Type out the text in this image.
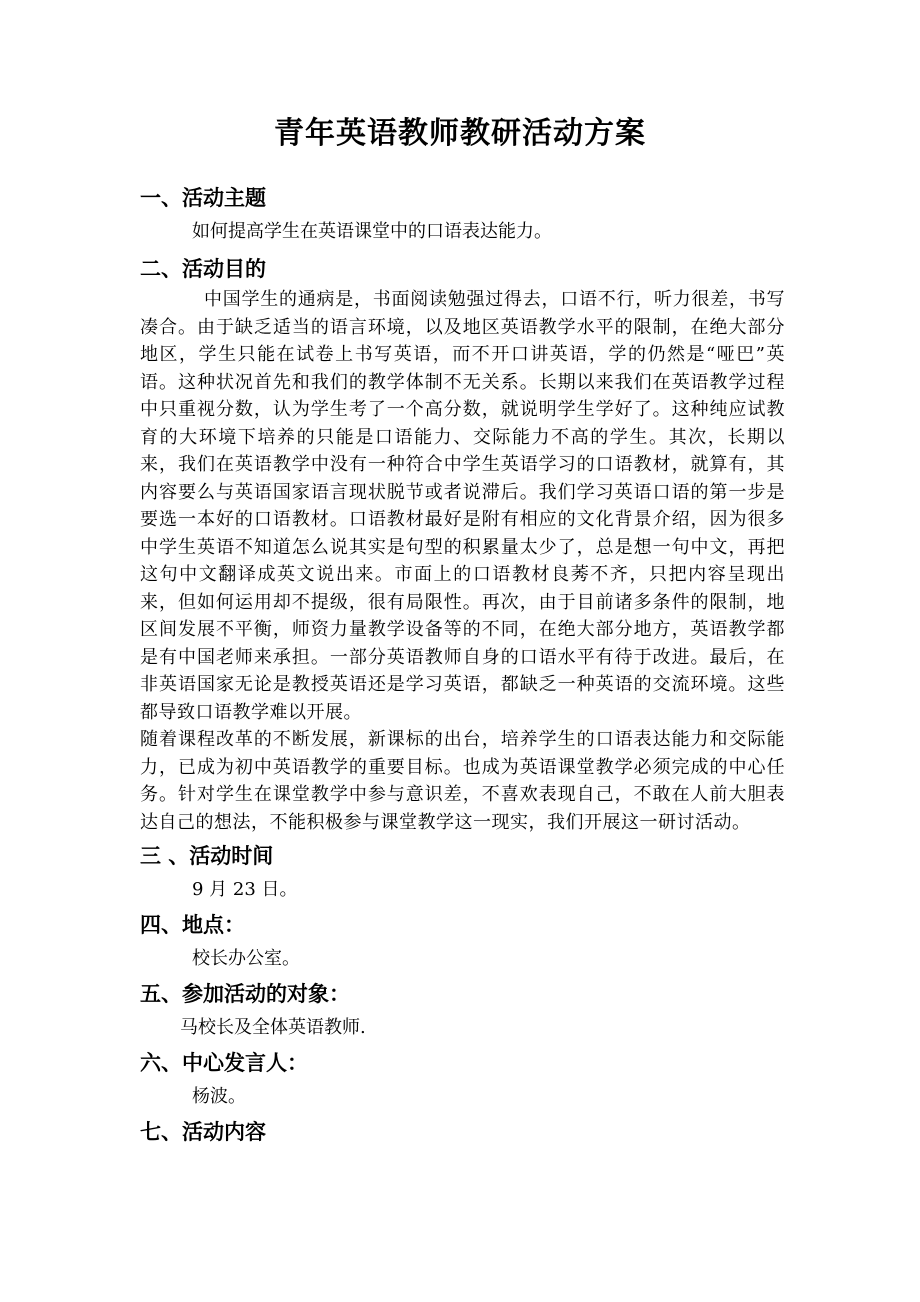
青年英语教师教研活动方案
一、活动主题
如何提高学生在英语课堂中的口语表达能力。
二、活动目的

中国学生的通病是，书面阅读勉强过得去，口语不行，听力很差，书写凑合。由于缺乏适当的语言环境，以及地区英语教学水平的限制，在绝大部分地区，学生只能在试卷上书写英语，而不开口讲英语，学的仍然是“哑巴”英语。这种状况首先和我们的教学体制不无关系。长期以来我们在英语教学过程中只重视分数，认为学生考了一个高分数，就说明学生学好了。这种纯应试教育的大环境下培养的只能是口语能力、交际能力不高的学生。其次，长期以来，我们在英语教学中没有一种符合中学生英语学习的口语教材，就算有，其内容要么与英语国家语言现状脱节或者说滞后。我们学习英语口语的第一步是要选一本好的口语教材。口语教材最好是附有相应的文化背景介绍，因为很多中学生英语不知道怎么说其实是句型的积累量太少了，总是想一句中文，再把这句中文翻译成英文说出来。市面上的口语教材良莠不齐，只把内容呈现出来，但如何运用却不提级，很有局限性。再次，由于目前诸多条件的限制，地区间发展不平衡，师资力量教学设备等的不同，在绝大部分地方，英语教学都是有中国老师来承担。一部分英语教师自身的口语水平有待于改进。最后，在非英语国家无论是教授英语还是学习英语，都缺乏一种英语的交流环境。这些都导致口语教学难以开展。

随着课程改革的不断发展，新课标的出台，培养学生的口语表达能力和交际能力，已成为初中英语教学的重要目标。也成为英语课堂教学必须完成的中心任务。针对学生在课堂教学中参与意识差，不喜欢表现自己，不敢在人前大胆表达自己的想法，不能积极参与课堂教学这一现实，我们开展这一研讨活动。

三 、活动时间
9 月 23 日。
四、地点：
校长办公室。
五、参加活动的对象：
马校长及全体英语教师.
六、中心发言人：
杨波。
七、活动内容
